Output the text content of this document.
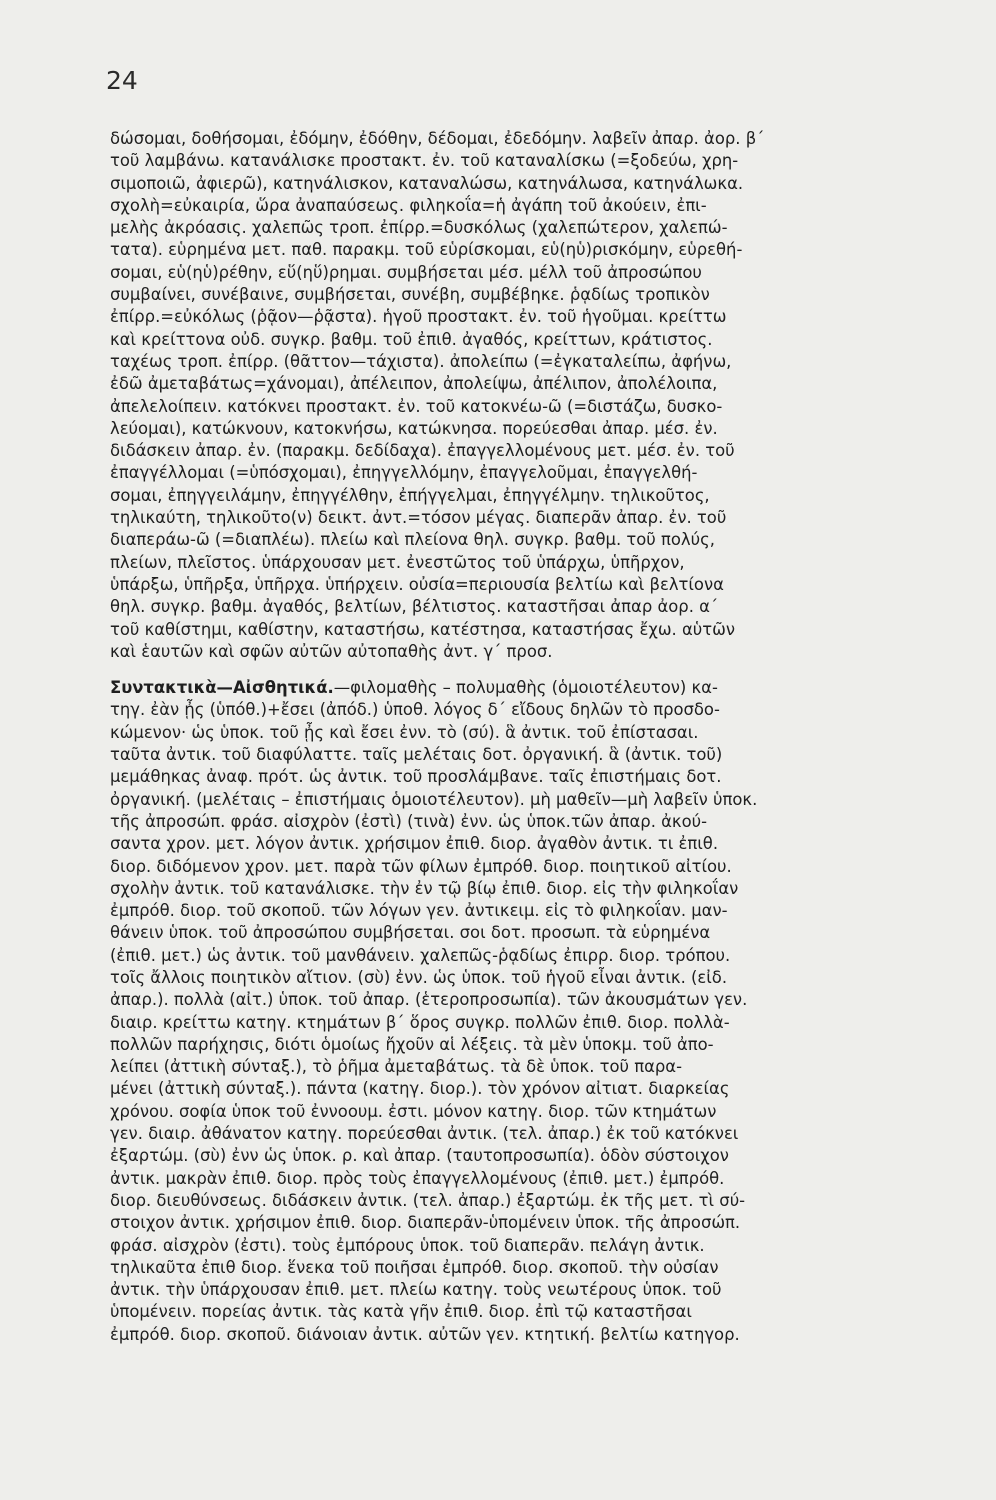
24
δώσομαι, δοθήσομαι, ἐδόμην, ἐδόθην, δέδομαι, ἐδεδόμην. λαβεῖν ἀπαρ. ἀορ. β΄
τοῦ λαμβάνω. κατανάλισκε προστακτ. ἐν. τοῦ καταναλίσκω (=ξοδεύω, χρη-
σιμοποιῶ, ἀφιερῶ), κατηνάλισκον, καταναλώσω, κατηνάλωσα, κατηνάλωκα.
σχολὴ=εὐκαιρία, ὥρα ἀναπαύσεως. φιληκοΐα=ἡ ἀγάπη τοῦ ἀκούειν, ἐπι-
μελὴς ἀκρόασις. χαλεπῶς τροπ. ἐπίρρ.=δυσκόλως (χαλεπώτερον, χαλεπώ-
τατα). εὑρημένα μετ. παθ. παρακμ. τοῦ εὑρίσκομαι, εὑ(ηὑ)ρισκόμην, εὑρεθή-
σομαι, εὑ(ηὑ)ρέθην, εὕ(ηὕ)ρημαι. συμβήσεται μέσ. μέλλ τοῦ ἀπροσώπου
συμβαίνει, συνέβαινε, συμβήσεται, συνέβη, συμβέβηκε. ῥᾳδίως τροπικὸν
ἐπίρρ.=εὐκόλως (ῥᾷον—ῥᾷστα). ἡγοῦ προστακτ. ἐν. τοῦ ἡγοῦμαι. κρείττω
καὶ κρείττονα οὐδ. συγκρ. βαθμ. τοῦ ἐπιθ. ἀγαθός, κρείττων, κράτιστος.
ταχέως τροπ. ἐπίρρ. (θᾶττον—τάχιστα). ἀπολείπω (=ἐγκαταλείπω, ἀφήνω,
ἐδῶ ἀμεταβάτως=χάνομαι), ἀπέλειπον, ἀπολείψω, ἀπέλιπον, ἀπολέλοιπα,
ἀπελελοίπειν. κατόκνει προστακτ. ἐν. τοῦ κατοκνέω-ῶ (=διστάζω, δυσκο-
λεύομαι), κατώκνουν, κατοκνήσω, κατώκνησα. πορεύεσθαι ἀπαρ. μέσ. ἐν.
διδάσκειν ἀπαρ. ἐν. (παρακμ. δεδίδαχα). ἐπαγγελλομένους μετ. μέσ. ἐν. τοῦ
ἐπαγγέλλομαι (=ὑπόσχομαι), ἐπηγγελλόμην, ἐπαγγελοῦμαι, ἐπαγγελθή-
σομαι, ἐπηγγειλάμην, ἐπηγγέλθην, ἐπήγγελμαι, ἐπηγγέλμην. τηλικοῦτος,
τηλικαύτη, τηλικοῦτο(ν) δεικτ. ἀντ.=τόσον μέγας. διαπερᾶν ἀπαρ. ἐν. τοῦ
διαπεράω-ῶ (=διαπλέω). πλείω καὶ πλείονα θηλ. συγκρ. βαθμ. τοῦ πολύς,
πλείων, πλεῖστος. ὑπάρχουσαν μετ. ἐνεστῶτος τοῦ ὑπάρχω, ὑπῆρχον,
ὑπάρξω, ὑπῆρξα, ὑπῆρχα. ὑπήρχειν. οὐσία=περιουσία βελτίω καὶ βελτίονα
θηλ. συγκρ. βαθμ. ἀγαθός, βελτίων, βέλτιστος. καταστῆσαι ἀπαρ ἀορ. α΄
τοῦ καθίστημι, καθίστην, καταστήσω, κατέστησα, καταστήσας ἔχω. αὑτῶν
καὶ ἑαυτῶν καὶ σφῶν αὐτῶν αὐτοπαθὴς ἀντ. γ΄ προσ.
Συντακτικὰ—Αἰσθητικά.—φιλομαθὴς – πολυμαθὴς (ὁμοιοτέλευτον) κα-
τηγ. ἐὰν ᾖς (ὑπόθ.)+ἔσει (ἀπόδ.) ὑποθ. λόγος δ΄ εἴδους δηλῶν τὸ προσδο-
κώμενον· ὡς ὑποκ. τοῦ ᾖς καὶ ἔσει ἐνν. τὸ (σύ). ἃ ἀντικ. τοῦ ἐπίστασαι.
ταῦτα ἀντικ. τοῦ διαφύλαττε. ταῖς μελέταις δοτ. ὀργανική. ἃ (ἀντικ. τοῦ)
μεμάθηκας ἀναφ. πρότ. ὡς ἀντικ. τοῦ προσλάμβανε. ταῖς ἐπιστήμαις δοτ.
ὀργανική. (μελέταις – ἐπιστήμαις ὁμοιοτέλευτον). μὴ μαθεῖν—μὴ λαβεῖν ὑποκ.
τῆς ἀπροσώπ. φράσ. αἰσχρὸν (ἐστὶ) (τινὰ) ἐνν. ὡς ὑποκ.τῶν ἀπαρ. ἀκού-
σαντα χρον. μετ. λόγον ἀντικ. χρήσιμον ἐπιθ. διορ. ἀγαθὸν ἀντικ. τι ἐπιθ.
διορ. διδόμενον χρον. μετ. παρὰ τῶν φίλων ἐμπρόθ. διορ. ποιητικοῦ αἰτίου.
σχολὴν ἀντικ. τοῦ κατανάλισκε. τὴν ἐν τῷ βίῳ ἐπιθ. διορ. εἰς τὴν φιληκοΐαν
ἐμπρόθ. διορ. τοῦ σκοποῦ. τῶν λόγων γεν. ἀντικειμ. εἰς τὸ φιληκοΐαν. μαν-
θάνειν ὑποκ. τοῦ ἀπροσώπου συμβήσεται. σοι δοτ. προσωπ. τὰ εὑρημένα
(ἐπιθ. μετ.) ὡς ἀντικ. τοῦ μανθάνειν. χαλεπῶς-ῥᾳδίως ἐπιρρ. διορ. τρόπου.
τοῖς ἄλλοις ποιητικὸν αἴτιον. (σὺ) ἐνν. ὡς ὑποκ. τοῦ ἡγοῦ εἶναι ἀντικ. (εἰδ.
ἀπαρ.). πολλὰ (αἰτ.) ὑποκ. τοῦ ἀπαρ. (ἑτεροπροσωπία). τῶν ἀκουσμάτων γεν.
διαιρ. κρείττω κατηγ. κτημάτων β΄ ὅρος συγκρ. πολλῶν ἐπιθ. διορ. πολλὰ-
πολλῶν παρήχησις, διότι ὁμοίως ἤχοῦν αἱ λέξεις. τὰ μὲν ὑποκμ. τοῦ ἀπο-
λείπει (ἀττικὴ σύνταξ.), τὸ ῥῆμα ἀμεταβάτως. τὰ δὲ ὑποκ. τοῦ παρα-
μένει (ἀττικὴ σύνταξ.). πάντα (κατηγ. διορ.). τὸν χρόνον αἰτιατ. διαρκείας
χρόνου. σοφία ὑποκ τοῦ ἐννοουμ. ἐστι. μόνον κατηγ. διορ. τῶν κτημάτων
γεν. διαιρ. ἀθάνατον κατηγ. πορεύεσθαι ἀντικ. (τελ. ἀπαρ.) ἐκ τοῦ κατόκνει
ἐξαρτώμ. (σὺ) ἐνν ὡς ὑποκ. ρ. καὶ ἀπαρ. (ταυτοπροσωπία). ὁδὸν σύστοιχον
ἀντικ. μακρὰν ἐπιθ. διορ. πρὸς τοὺς ἐπαγγελλομένους (ἐπιθ. μετ.) ἐμπρόθ.
διορ. διευθύνσεως. διδάσκειν ἀντικ. (τελ. ἀπαρ.) ἐξαρτώμ. ἐκ τῆς μετ. τὶ σύ-
στοιχον ἀντικ. χρήσιμον ἐπιθ. διορ. διαπερᾶν-ὑπομένειν ὑποκ. τῆς ἀπροσώπ.
φράσ. αἰσχρὸν (ἐστι). τοὺς ἐμπόρους ὑποκ. τοῦ διαπερᾶν. πελάγη ἀντικ.
τηλικαῦτα ἐπιθ διορ. ἕνεκα τοῦ ποιῆσαι ἐμπρόθ. διορ. σκοποῦ. τὴν οὐσίαν
ἀντικ. τὴν ὑπάρχουσαν ἐπιθ. μετ. πλείω κατηγ. τοὺς νεωτέρους ὑποκ. τοῦ
ὑπομένειν. πορείας ἀντικ. τὰς κατὰ γῆν ἐπιθ. διορ. ἐπὶ τῷ καταστῆσαι
ἐμπρόθ. διορ. σκοποῦ. διάνοιαν ἀντικ. αὐτῶν γεν. κτητική. βελτίω κατηγορ.
